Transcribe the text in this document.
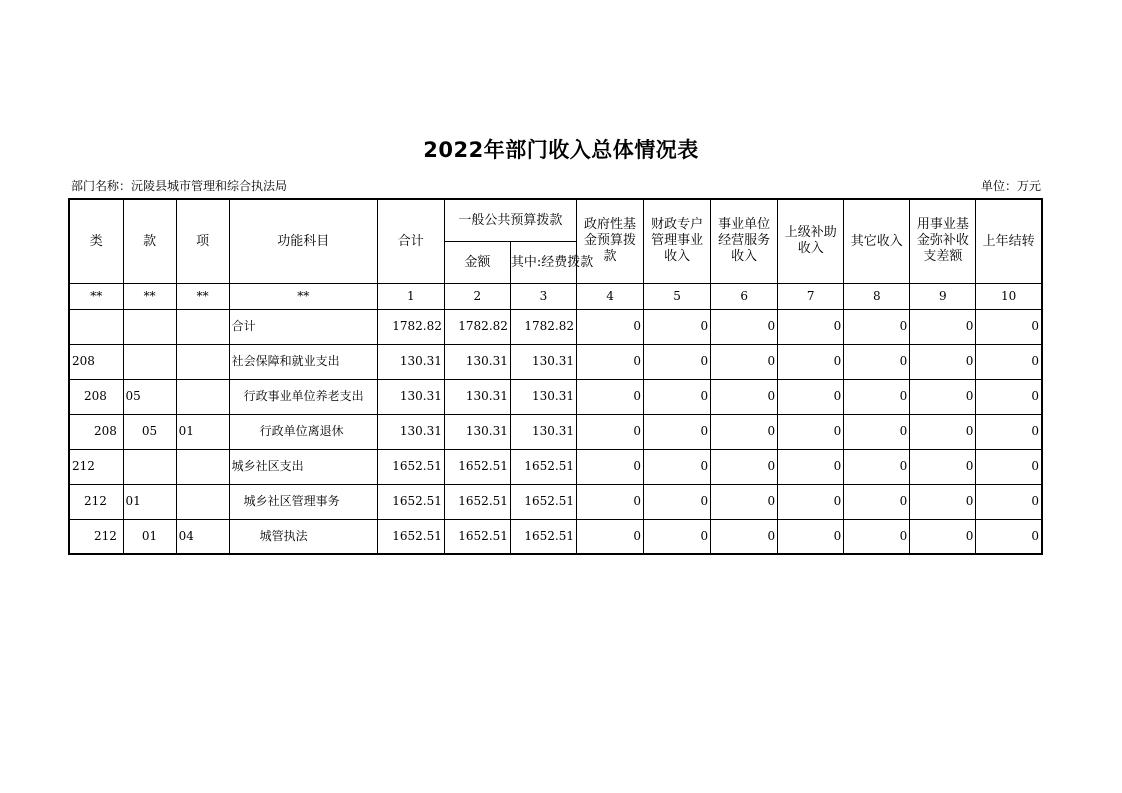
2022年部门收入总体情况表
部门名称：沅陵县城市管理和综合执法局	单位：万元
类	款	项	功能科目	合计	一般公共预算拨款		政府性基金预算拨款	财政专户管理事业收入	事业单位经营服务收入	上级补助收入	其它收入	用事业基金弥补收支差额	上年结转
					金额	其中:经费拨款							
**	**	**	**	1	2	3	4	5	6	7	8	9	10
			合计	1782.82	1782.82	1782.82	0	0	0	0	0	0	0
208			社会保障和就业支出	130.31	130.31	130.31	0	0	0	0	0	0	0
208	05		行政事业单位养老支出	130.31	130.31	130.31	0	0	0	0	0	0	0
208	05	01	行政单位离退休	130.31	130.31	130.31	0	0	0	0	0	0	0
212			城乡社区支出	1652.51	1652.51	1652.51	0	0	0	0	0	0	0
212	01		城乡社区管理事务	1652.51	1652.51	1652.51	0	0	0	0	0	0	0
212	01	04	城管执法	1652.51	1652.51	1652.51	0	0	0	0	0	0	0
